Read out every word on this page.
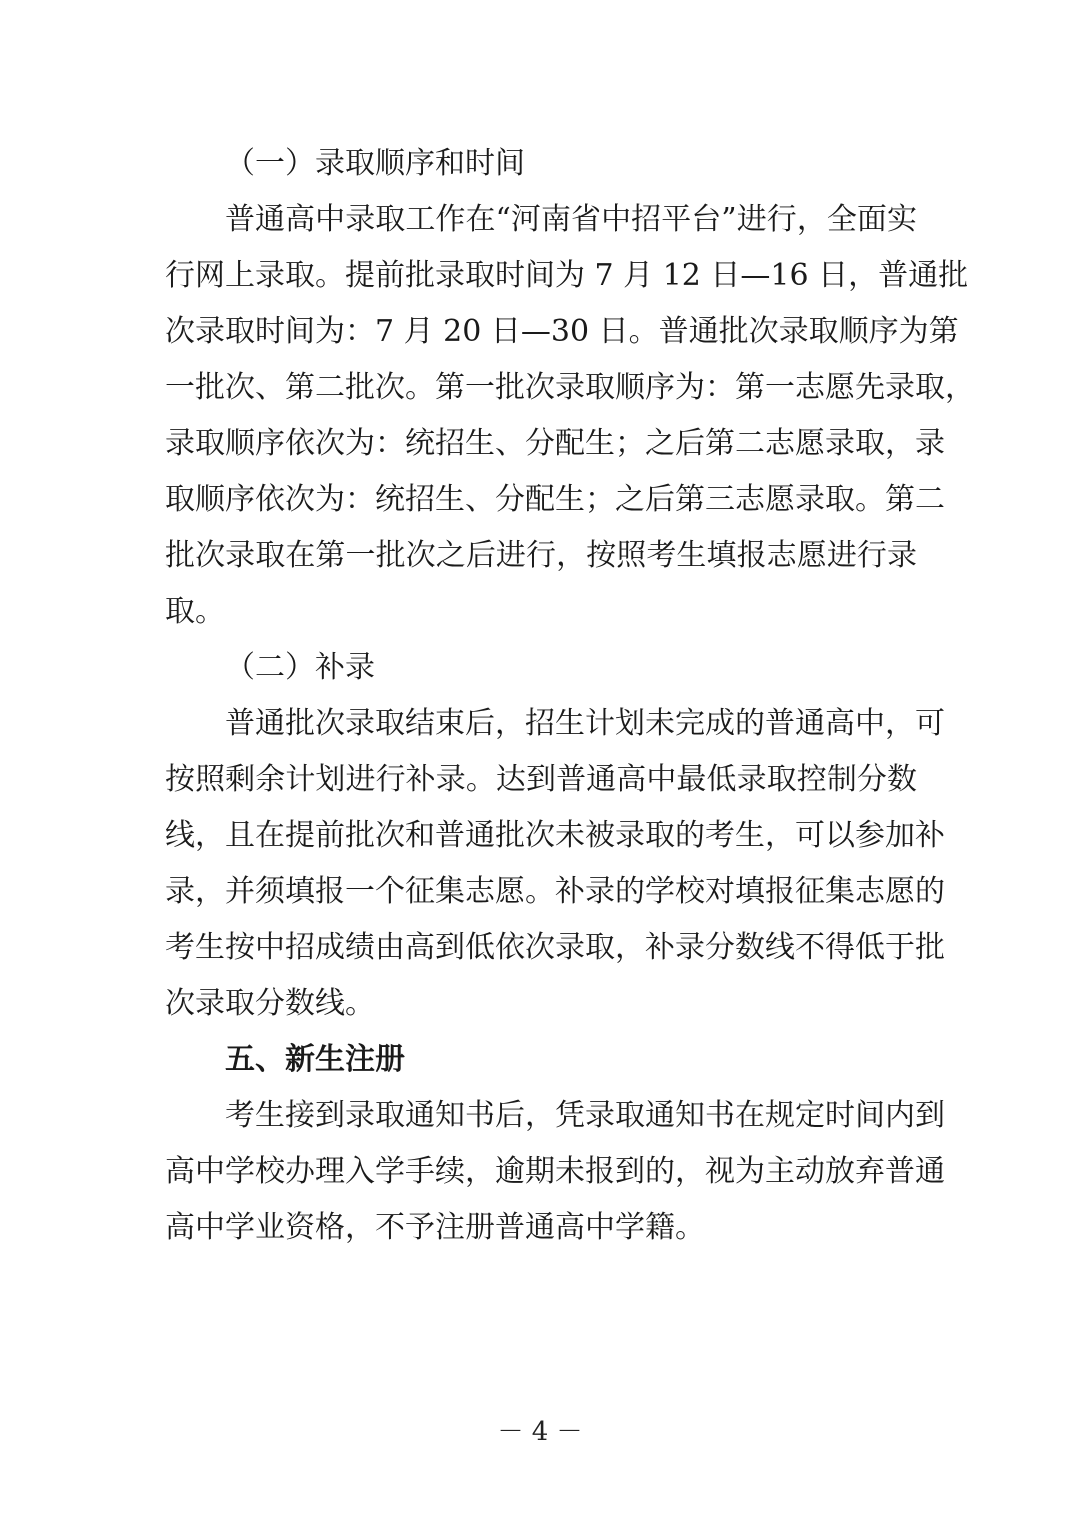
（一）录取顺序和时间
普通高中录取工作在“河南省中招平台”进行，全面实
行网上录取。提前批录取时间为 7 月 12 日—16 日，普通批
次录取时间为：7 月 20 日—30 日。普通批次录取顺序为第
一批次、第二批次。第一批次录取顺序为：第一志愿先录取，
录取顺序依次为：统招生、分配生；之后第二志愿录取，录
取顺序依次为：统招生、分配生；之后第三志愿录取。第二
批次录取在第一批次之后进行，按照考生填报志愿进行录
取。
（二）补录
普通批次录取结束后，招生计划未完成的普通高中，可
按照剩余计划进行补录。达到普通高中最低录取控制分数
线，且在提前批次和普通批次未被录取的考生，可以参加补
录，并须填报一个征集志愿。补录的学校对填报征集志愿的
考生按中招成绩由高到低依次录取，补录分数线不得低于批
次录取分数线。
五、新生注册
考生接到录取通知书后，凭录取通知书在规定时间内到
高中学校办理入学手续，逾期未报到的，视为主动放弃普通
高中学业资格，不予注册普通高中学籍。
－ 4 －
